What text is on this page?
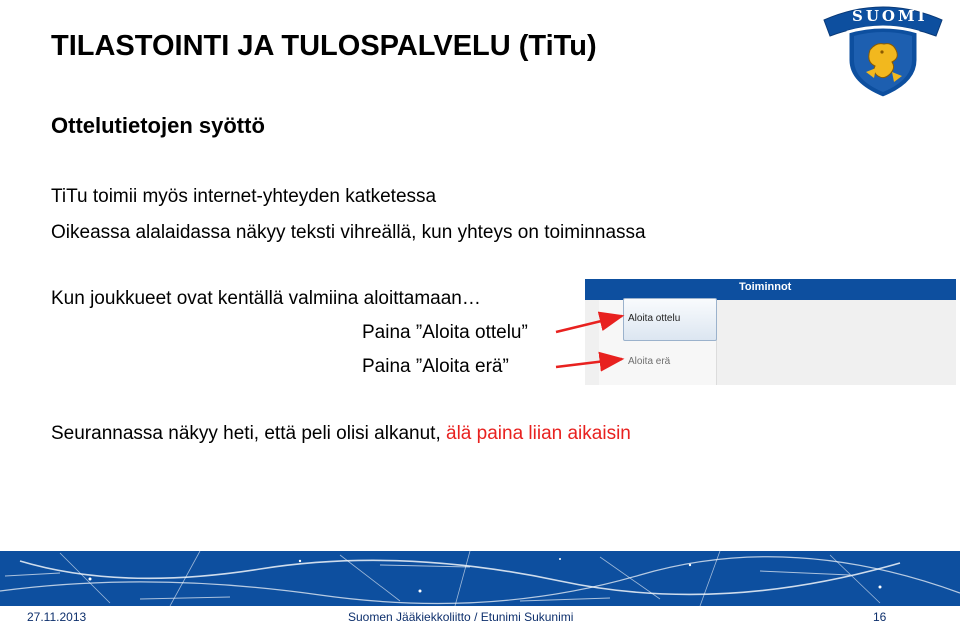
TILASTOINTI JA TULOSPALVELU (TiTu)
Ottelutietojen syöttö
TiTu toimii myös internet-yhteyden katketessa
Oikeassa alalaidassa näkyy teksti vihreällä, kun yhteys on toiminnassa
Kun joukkueet ovat kentällä valmiina aloittamaan…
Paina ”Aloita ottelu”
Paina ”Aloita erä”
Seurannassa näkyy heti, että peli olisi alkanut, älä paina liian aikaisin
SUOMI
Toiminnot
Aloita ottelu
Aloita erä
27.11.2013	Suomen Jääkiekkoliitto / Etunimi Sukunimi	16
